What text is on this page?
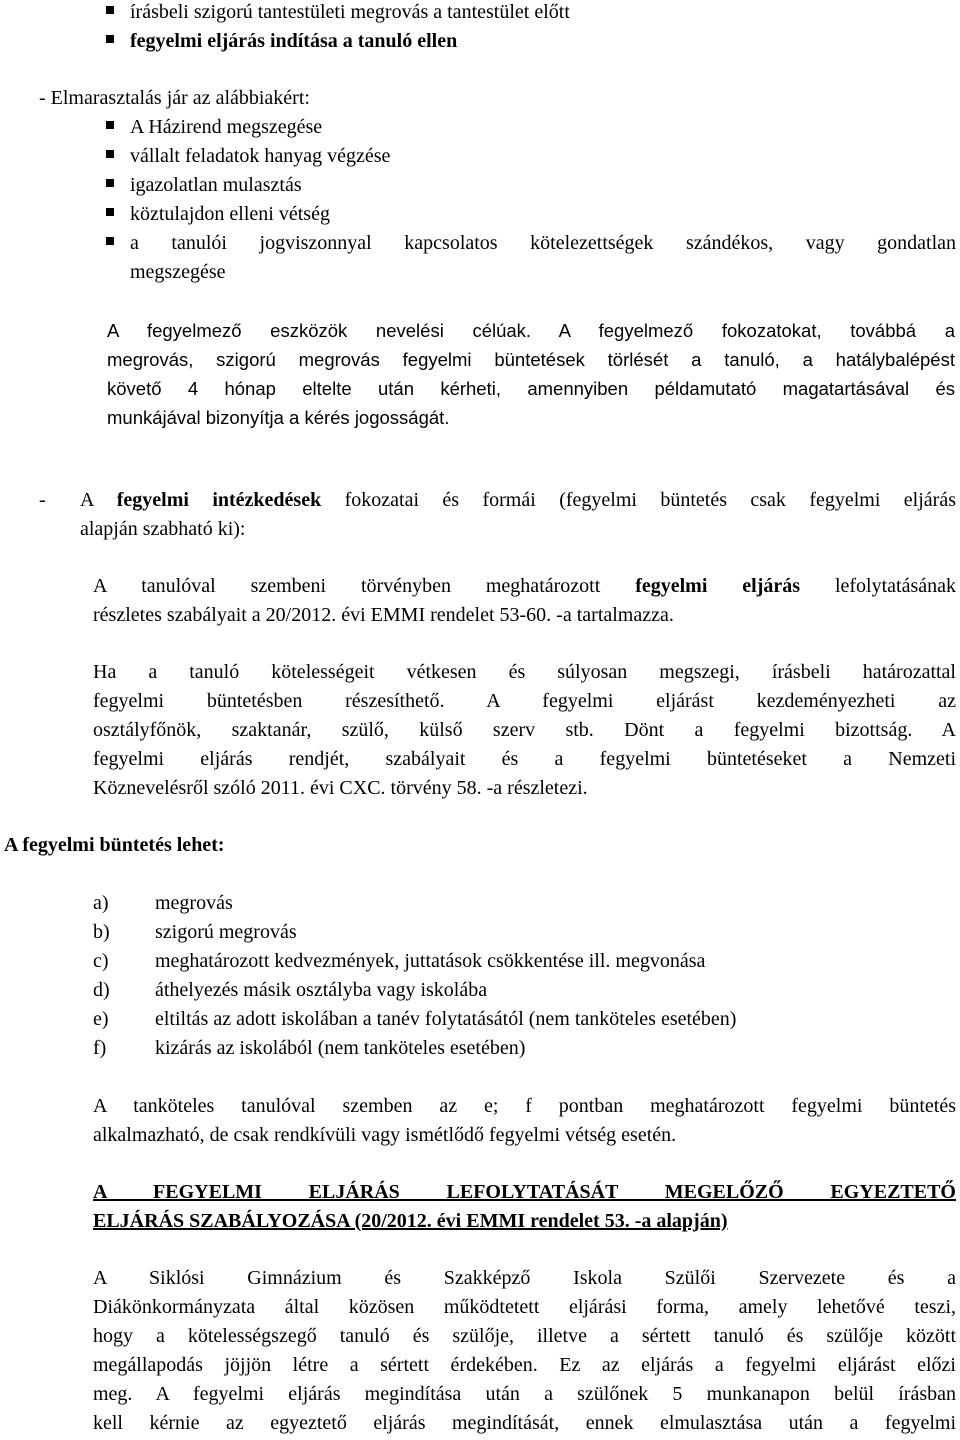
írásbeli szigorú tantestületi megrovás a tantestület előtt
fegyelmi eljárás indítása a tanuló ellen
- Elmarasztalás jár az alábbiakért:
A Házirend megszegése
vállalt feladatok hanyag végzése
igazolatlan mulasztás
köztulajdon elleni vétség
a tanulói jogviszonnyal kapcsolatos kötelezettségek szándékos, vagy gondatlan
megszegése
A fegyelmező eszközök nevelési célúak. A fegyelmező fokozatokat, továbbá a
megrovás, szigorú megrovás fegyelmi büntetések törlését a tanuló, a hatálybalépést
követő 4 hónap eltelte után kérheti, amennyiben példamutató magatartásával és
munkájával bizonyítja a kérés jogosságát.
- A fegyelmi intézkedések fokozatai és formái (fegyelmi büntetés csak fegyelmi eljárás
alapján szabható ki):
A tanulóval szembeni törvényben meghatározott fegyelmi eljárás lefolytatásának
részletes szabályait a 20/2012. évi EMMI rendelet 53-60. -a tartalmazza.
Ha a tanuló kötelességeit vétkesen és súlyosan megszegi, írásbeli határozattal
fegyelmi büntetésben részesíthető. A fegyelmi eljárást kezdeményezheti az
osztályfőnök, szaktanár, szülő, külső szerv stb. Dönt a fegyelmi bizottság. A
fegyelmi eljárás rendjét, szabályait és a fegyelmi büntetéseket a Nemzeti
Köznevelésről szóló 2011. évi CXC. törvény 58. -a részletezi.
A fegyelmi büntetés lehet:
a) megrovás
b) szigorú megrovás
c) meghatározott kedvezmények, juttatások csökkentése ill. megvonása
d) áthelyezés másik osztályba vagy iskolába
e) eltiltás az adott iskolában a tanév folytatásától (nem tanköteles esetében)
f) kizárás az iskolából (nem tanköteles esetében)
A tanköteles tanulóval szemben az e; f pontban meghatározott fegyelmi büntetés
alkalmazható, de csak rendkívüli vagy ismétlődő fegyelmi vétség esetén.
A FEGYELMI ELJÁRÁS LEFOLYTATÁSÁT MEGELŐZŐ EGYEZTETŐ
ELJÁRÁS SZABÁLYOZÁSA (20/2012. évi EMMI rendelet 53. -a alapján)
A Siklósi Gimnázium és Szakképző Iskola Szülői Szervezete és a
Diákönkormányzata által közösen működtetett eljárási forma, amely lehetővé teszi,
hogy a kötelességszegő tanuló és szülője, illetve a sértett tanuló és szülője között
megállapodás jöjjön létre a sértett érdekében. Ez az eljárás a fegyelmi eljárást előzi
meg. A fegyelmi eljárás megindítása után a szülőnek 5 munkanapon belül írásban
kell kérnie az egyeztető eljárás megindítását, ennek elmulasztása után a fegyelmi
